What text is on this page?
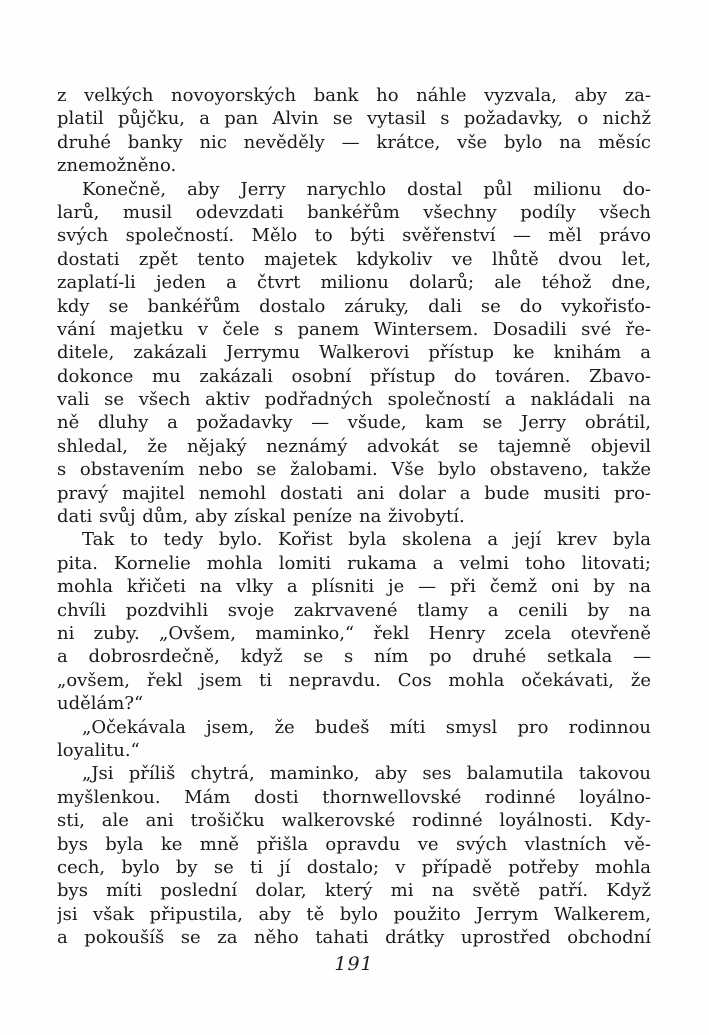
z velkých novoyorských bank ho náhle vyzvala, aby za-
platil půjčku, a pan Alvin se vytasil s požadavky, o nichž
druhé banky nic nevěděly — krátce, vše bylo na měsíc
znemožněno.
Konečně, aby Jerry narychlo dostal půl milionu do-
larů, musil odevzdati bankéřům všechny podíly všech
svých společností. Mělo to býti svěřenství — měl právo
dostati zpět tento majetek kdykoliv ve lhůtě dvou let,
zaplatí-li jeden a čtvrt milionu dolarů; ale téhož dne,
kdy se bankéřům dostalo záruky, dali se do vykořisťo-
vání majetku v čele s panem Wintersem. Dosadili své ře-
ditele, zakázali Jerrymu Walkerovi přístup ke knihám a
dokonce mu zakázali osobní přístup do továren. Zbavo-
vali se všech aktiv podřadných společností a nakládali na
ně dluhy a požadavky — všude, kam se Jerry obrátil,
shledal, že nějaký neznámý advokát se tajemně objevil
s obstavením nebo se žalobami. Vše bylo obstaveno, takže
pravý majitel nemohl dostati ani dolar a bude musiti pro-
dati svůj dům, aby získal peníze na živobytí.
Tak to tedy bylo. Kořist byla skolena a její krev byla
pita. Kornelie mohla lomiti rukama a velmi toho litovati;
mohla křičeti na vlky a plísniti je — při čemž oni by na
chvíli pozdvihli svoje zakrvavené tlamy a cenili by na
ni zuby. „Ovšem, maminko,“ řekl Henry zcela otevřeně
a dobrosrdečně, když se s ním po druhé setkala —
„ovšem, řekl jsem ti nepravdu. Cos mohla očekávati, že
udělám?“
„Očekávala jsem, že budeš míti smysl pro rodinnou
loyalitu.“
„Jsi příliš chytrá, maminko, aby ses balamutila takovou
myšlenkou. Mám dosti thornwellovské rodinné loyálno-
sti, ale ani trošičku walkerovské rodinné loyálnosti. Kdy-
bys byla ke mně přišla opravdu ve svých vlastních vě-
cech, bylo by se ti jí dostalo; v případě potřeby mohla
bys míti poslední dolar, který mi na světě patří. Když
jsi však připustila, aby tě bylo použito Jerrym Walkerem,
a pokoušíš se za něho tahati drátky uprostřed obchodní
191
